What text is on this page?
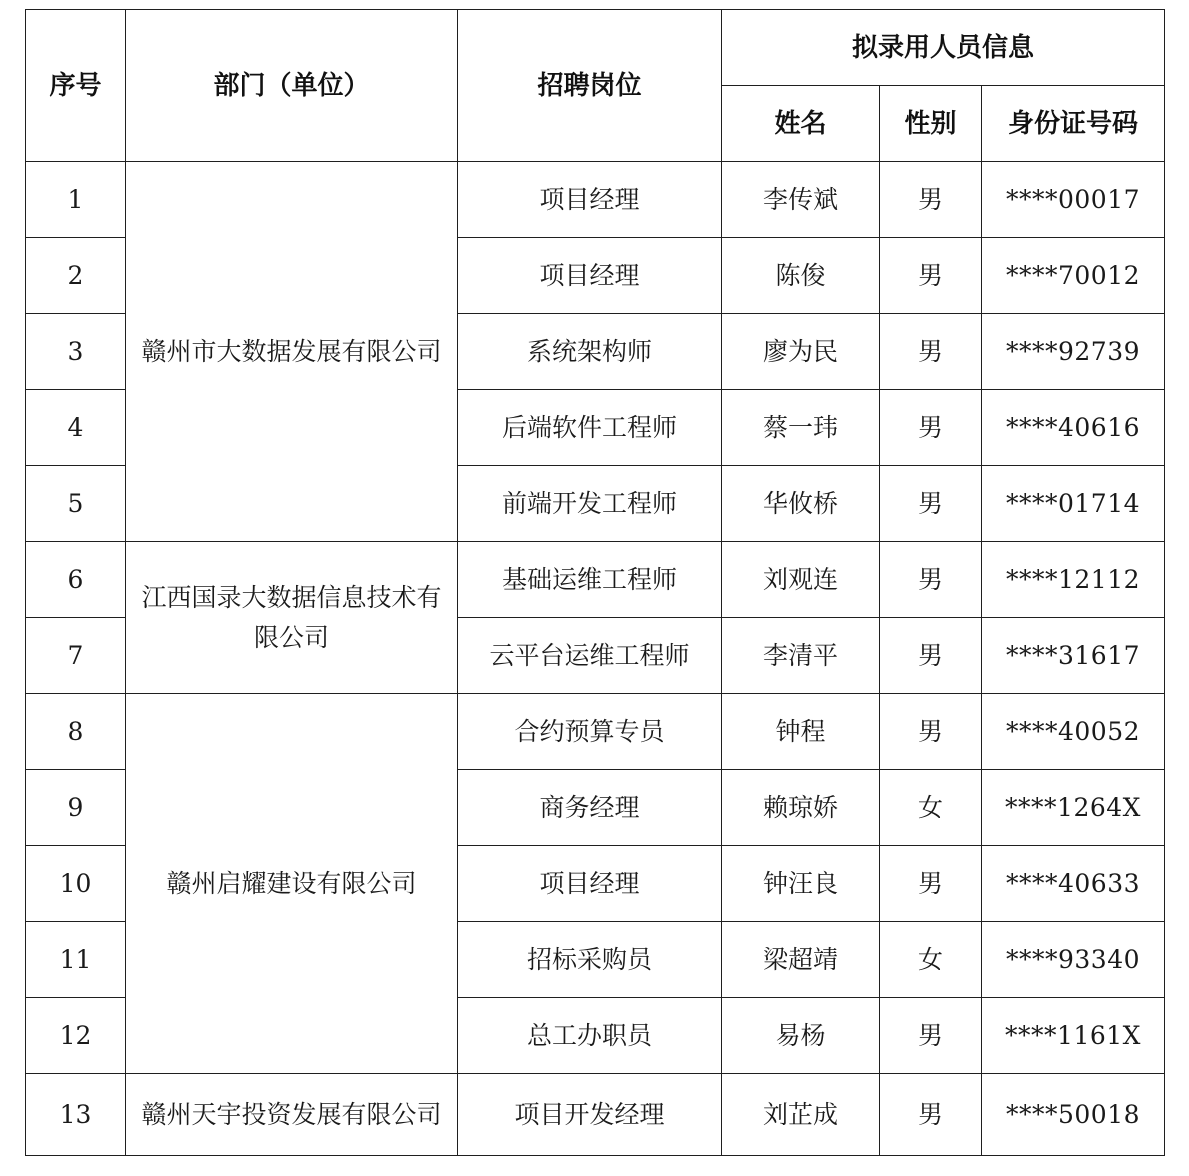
序号	部门（单位）	招聘岗位	拟录用人员信息		
			姓名	性别	身份证号码
1	赣州市大数据发展有限公司	项目经理	李传斌	男	****00017
2		项目经理	陈俊	男	****70012
3		系统架构师	廖为民	男	****92739
4		后端软件工程师	蔡一玮	男	****40616
5		前端开发工程师	华攸桥	男	****01714
6	江西国录大数据信息技术有限公司	基础运维工程师	刘观连	男	****12112
7		云平台运维工程师	李清平	男	****31617
8	赣州启耀建设有限公司	合约预算专员	钟程	男	****40052
9		商务经理	赖琼娇	女	****1264X
10		项目经理	钟汪良	男	****40633
11		招标采购员	梁超靖	女	****93340
12		总工办职员	易杨	男	****1161X
13	赣州天宇投资发展有限公司	项目开发经理	刘芷成	男	****50018
